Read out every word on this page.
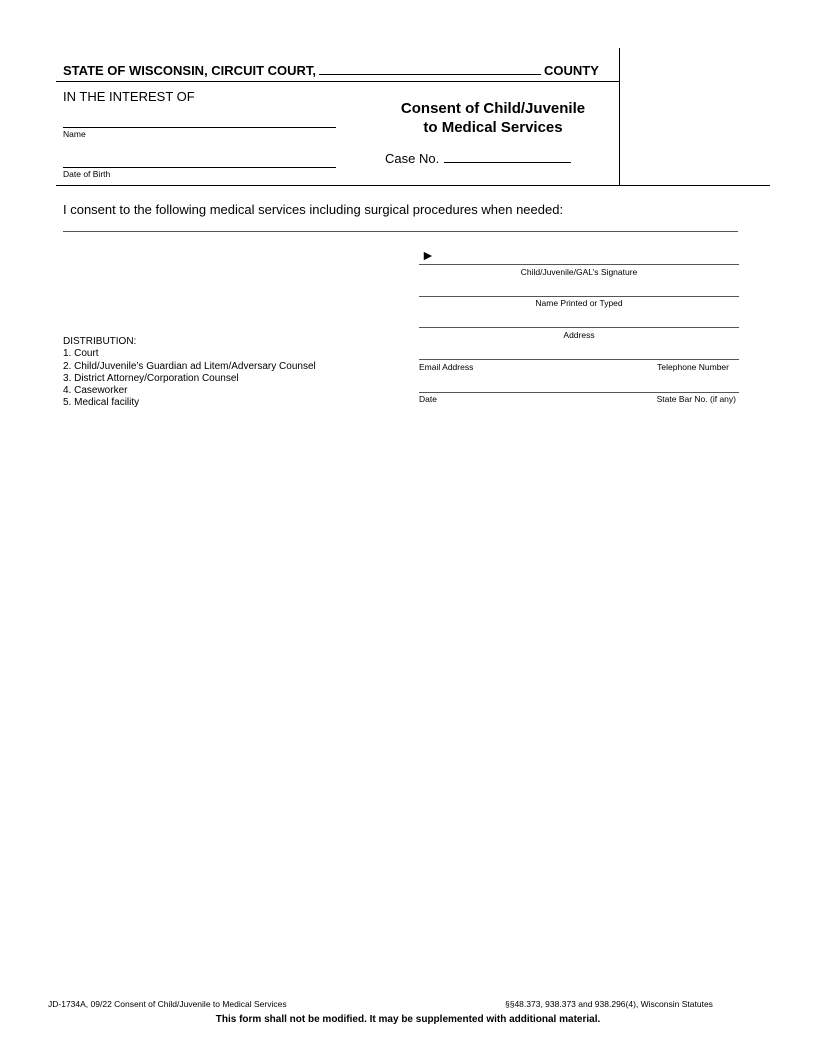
STATE OF WISCONSIN, CIRCUIT COURT,	COUNTY
IN THE INTEREST OF
Name
Date of Birth
Consent of Child/Juvenile
to Medical Services
Case No.
I consent to the following medical services including surgical procedures when needed:
►
Child/Juvenile/GAL’s Signature
Name Printed or Typed
Address
Email Address	Telephone Number
Date	State Bar No. (if any)
DISTRIBUTION:
1. Court
2. Child/Juvenile’s Guardian ad Litem/Adversary Counsel
3. District Attorney/Corporation Counsel
4. Caseworker
5. Medical facility
JD-1734A, 09/22 Consent of Child/Juvenile to Medical Services	§§48.373, 938.373 and 938.296(4), Wisconsin Statutes
This form shall not be modified. It may be supplemented with additional material.
